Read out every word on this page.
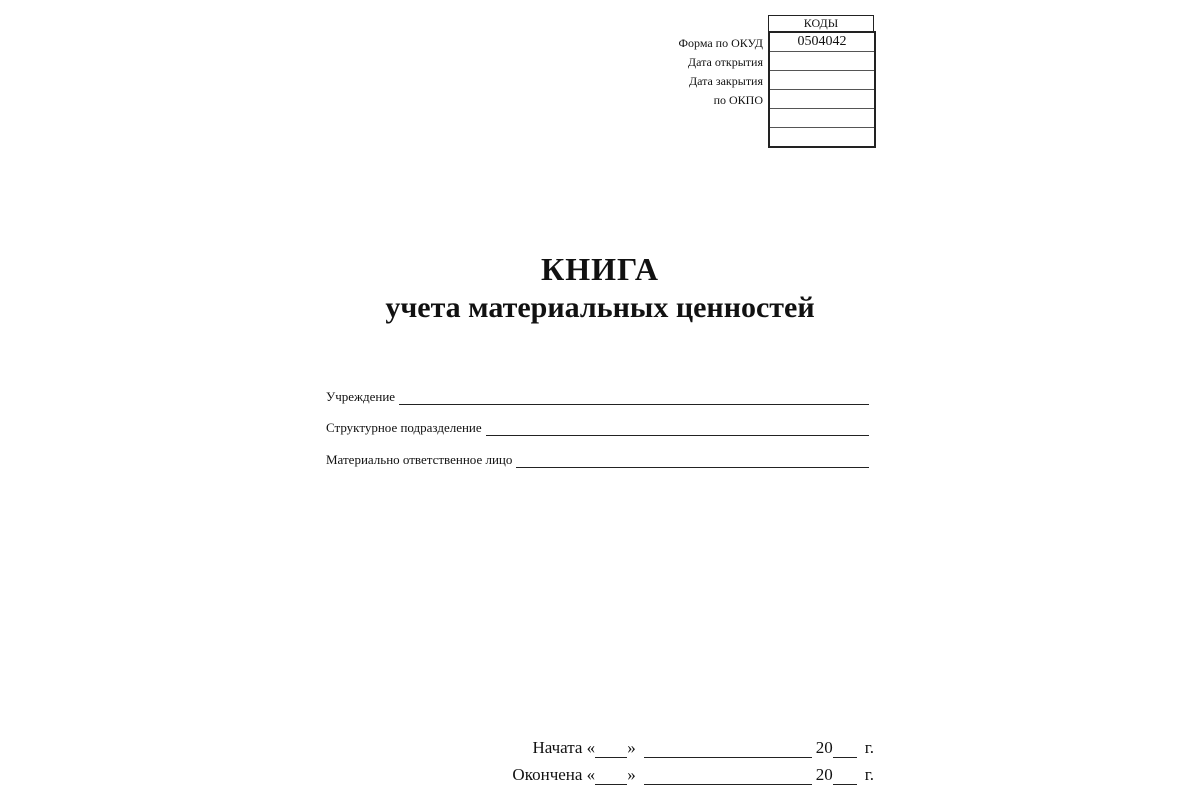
Форма по ОКУД
Дата открытия
Дата закрытия
по ОКПО
КОДЫ
0504042
КНИГА
учета материальных ценностей
Учреждение
Структурное подразделение
Материально ответственное лицо
Начата « »	20 г.
Окончена « »	20 г.
